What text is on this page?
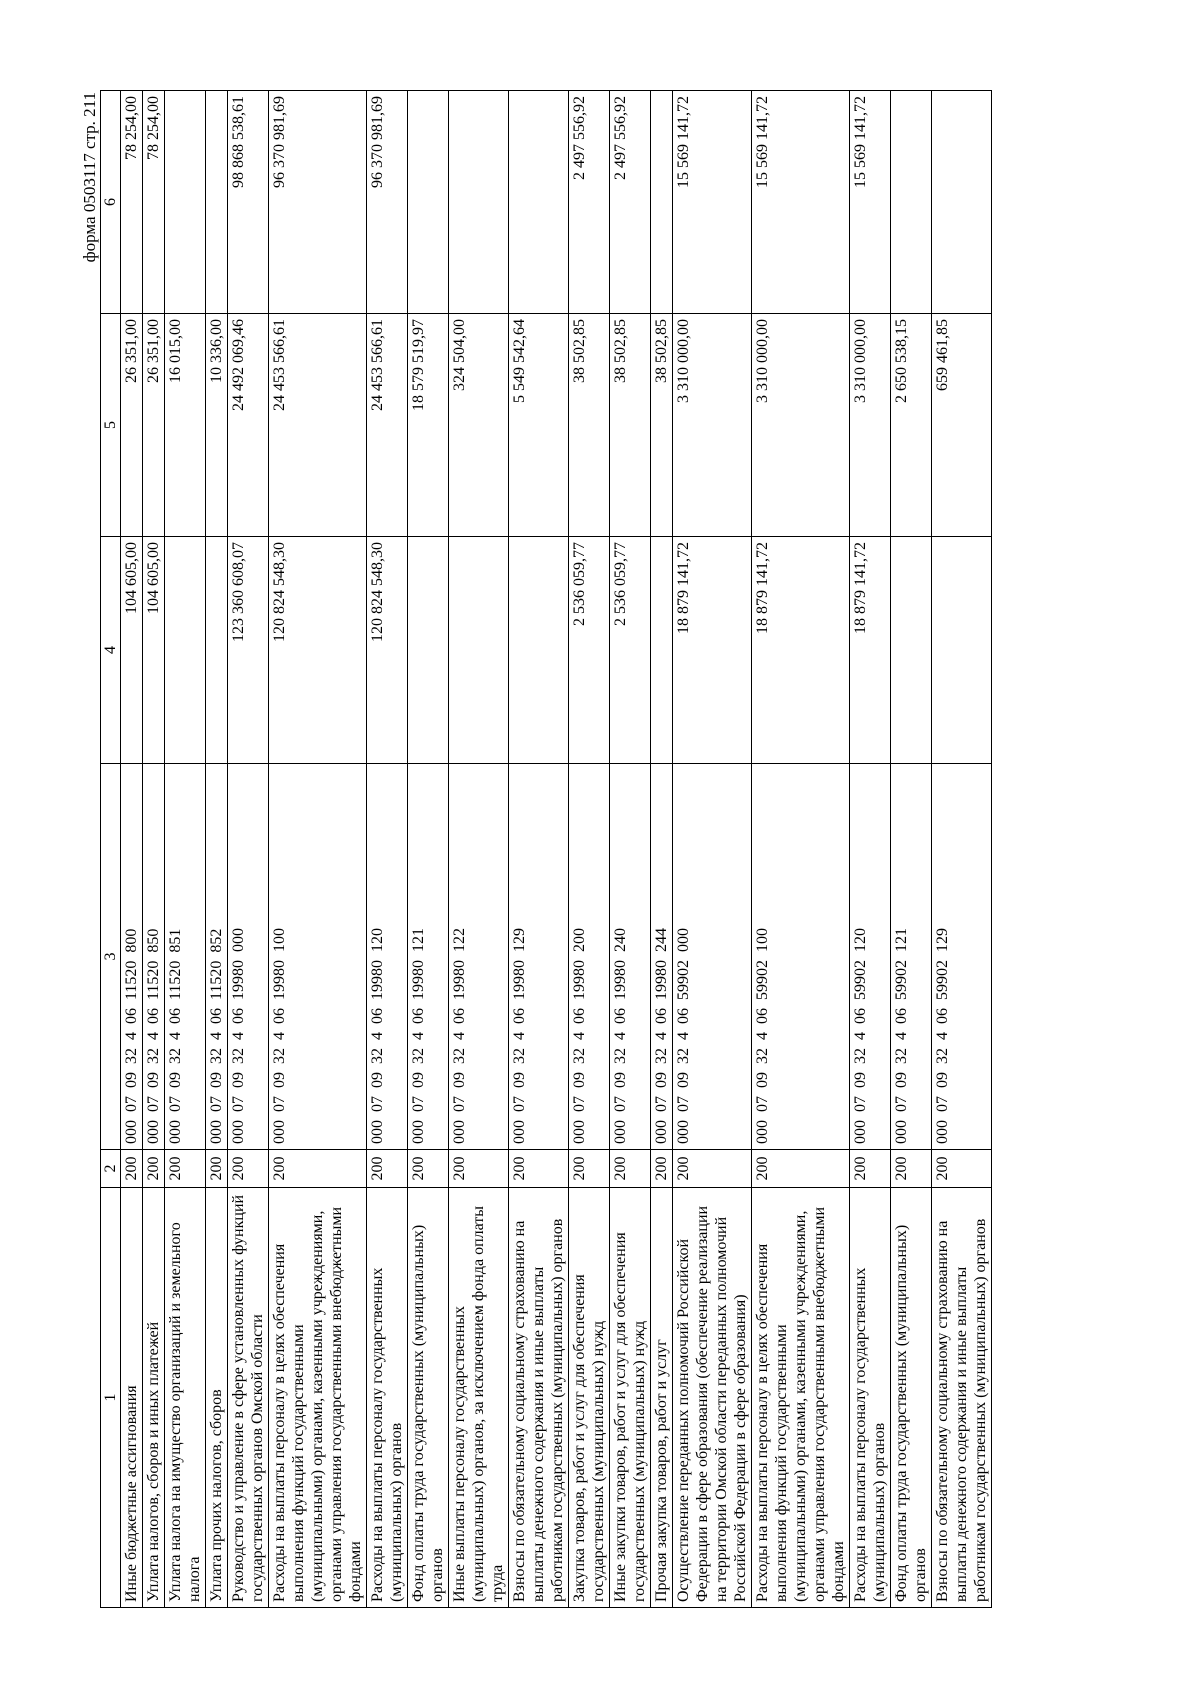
форма 0503117 стр. 211
1	2	3	4	5	6
Иные бюджетные ассигнования	200	000  07  09  32  4  06  11520  800	104 605,00	26 351,00	78 254,00
Уплата налогов, сборов и иных платежей	200	000  07  09  32  4  06  11520  850	104 605,00	26 351,00	78 254,00
Уплата налога на имущество организаций и земельного налога	200	000  07  09  32  4  06  11520  851		16 015,00	
Уплата прочих налогов, сборов	200	000  07  09  32  4  06  11520  852		10 336,00	
Руководство и управление в сфере установленных функций государственных органов Омской области	200	000  07  09  32  4  06  19980  000	123 360 608,07	24 492 069,46	98 868 538,61
Расходы на выплаты персоналу в целях обеспечения выполнения функций государственными (муниципальными) органами, казенными учреждениями, органами управления государственными внебюджетными фондами	200	000  07  09  32  4  06  19980  100	120 824 548,30	24 453 566,61	96 370 981,69
Расходы на выплаты персоналу государственных (муниципальных) органов	200	000  07  09  32  4  06  19980  120	120 824 548,30	24 453 566,61	96 370 981,69
Фонд оплаты труда государственных (муниципальных) органов	200	000  07  09  32  4  06  19980  121		18 579 519,97	
Иные выплаты персоналу государственных (муниципальных) органов, за исключением фонда оплаты труда	200	000  07  09  32  4  06  19980  122		324 504,00	
Взносы по обязательному социальному страхованию на выплаты денежного содержания и иные выплаты работникам государственных (муниципальных) органов	200	000  07  09  32  4  06  19980  129		5 549 542,64	
Закупка товаров, работ и услуг для обеспечения государственных (муниципальных) нужд	200	000  07  09  32  4  06  19980  200	2 536 059,77	38 502,85	2 497 556,92
Иные закупки товаров, работ и услуг для обеспечения государственных (муниципальных) нужд	200	000  07  09  32  4  06  19980  240	2 536 059,77	38 502,85	2 497 556,92
Прочая закупка товаров, работ и услуг	200	000  07  09  32  4  06  19980  244		38 502,85	
Осуществление переданных полномочий Российской Федерации в сфере образования (обеспечение реализации на территории Омской области переданных полномочий Российской Федерации в сфере образования)	200	000  07  09  32  4  06  59902  000	18 879 141,72	3 310 000,00	15 569 141,72
Расходы на выплаты персоналу в целях обеспечения выполнения функций государственными (муниципальными) органами, казенными учреждениями, органами управления государственными внебюджетными фондами	200	000  07  09  32  4  06  59902  100	18 879 141,72	3 310 000,00	15 569 141,72
Расходы на выплаты персоналу государственных (муниципальных) органов	200	000  07  09  32  4  06  59902  120	18 879 141,72	3 310 000,00	15 569 141,72
Фонд оплаты труда государственных (муниципальных) органов	200	000  07  09  32  4  06  59902  121		2 650 538,15	
Взносы по обязательному социальному страхованию на выплаты денежного содержания и иные выплаты работникам государственных (муниципальных) органов	200	000  07  09  32  4  06  59902  129		659 461,85	
